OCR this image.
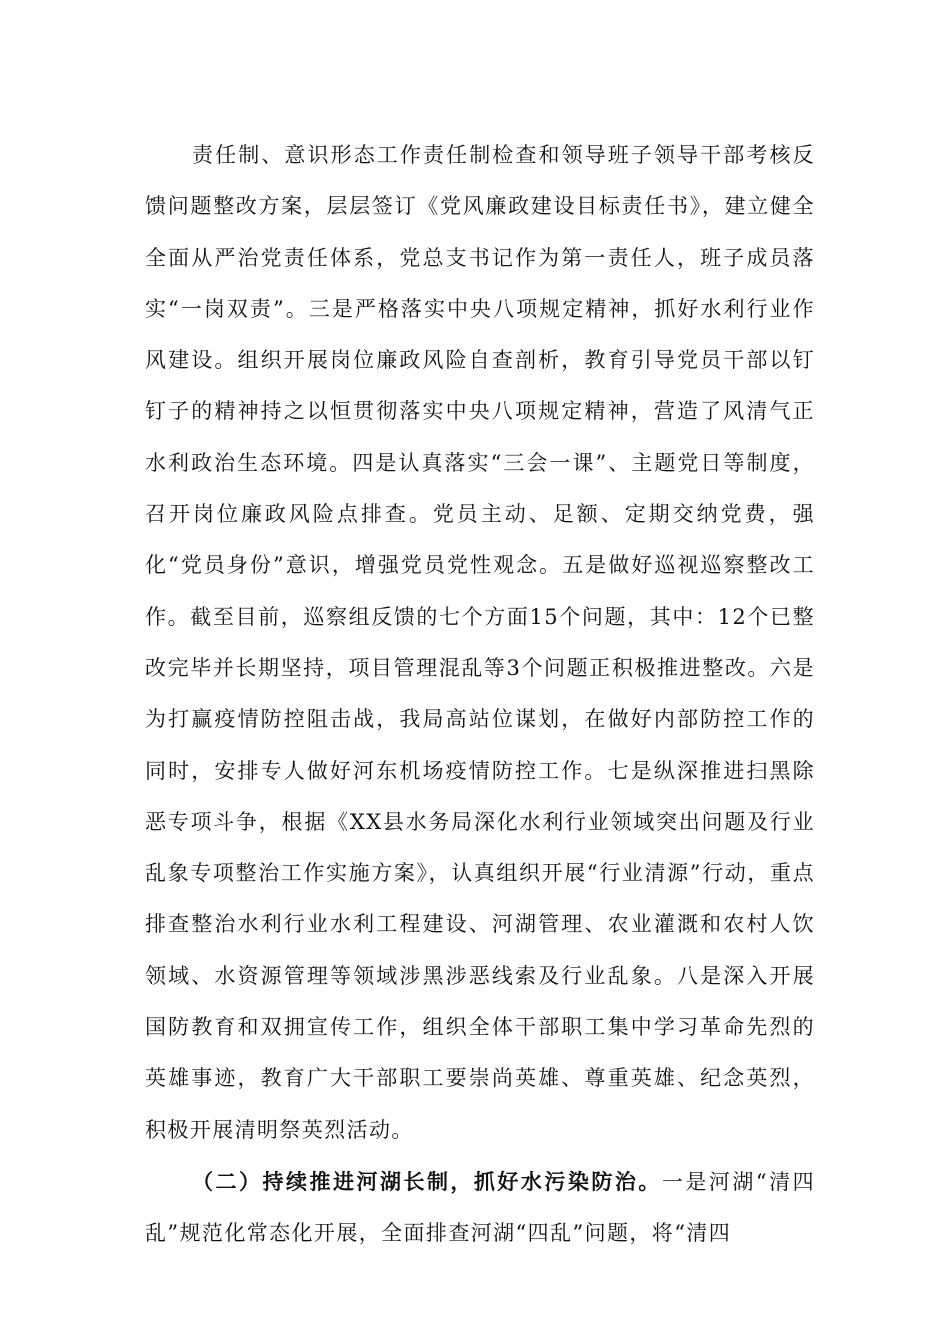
责任制、意识形态工作责任制检查和领导班子领导干部考核反馈问题整改方案，层层签订《党风廉政建设目标责任书》，建立健全全面从严治党责任体系，党总支书记作为第一责任人，班子成员落实“一岗双责”。三是严格落实中央八项规定精神，抓好水利行业作风建设。组织开展岗位廉政风险自查剖析，教育引导党员干部以钉钉子的精神持之以恒贯彻落实中央八项规定精神，营造了风清气正水利政治生态环境。四是认真落实“三会一课”、主题党日等制度，召开岗位廉政风险点排查。党员主动、足额、定期交纳党费，强化“党员身份”意识，增强党员党性观念。五是做好巡视巡察整改工作。截至目前，巡察组反馈的七个方面15个问题，其中：12个已整改完毕并长期坚持，项目管理混乱等3个问题正积极推进整改。六是为打赢疫情防控阻击战，我局高站位谋划，在做好内部防控工作的同时，安排专人做好河东机场疫情防控工作。七是纵深推进扫黑除恶专项斗争，根据《XX县水务局深化水利行业领域突出问题及行业乱象专项整治工作实施方案》，认真组织开展“行业清源”行动，重点排查整治水利行业水利工程建设、河湖管理、农业灌溉和农村人饮领域、水资源管理等领域涉黑涉恶线索及行业乱象。八是深入开展国防教育和双拥宣传工作，组织全体干部职工集中学习革命先烈的英雄事迹，教育广大干部职工要崇尚英雄、尊重英雄、纪念英烈，积极开展清明祭英烈活动。

（二）持续推进河湖长制，抓好水污染防治。一是河湖“清四乱”规范化常态化开展，全面排查河湖“四乱”问题，将“清四
